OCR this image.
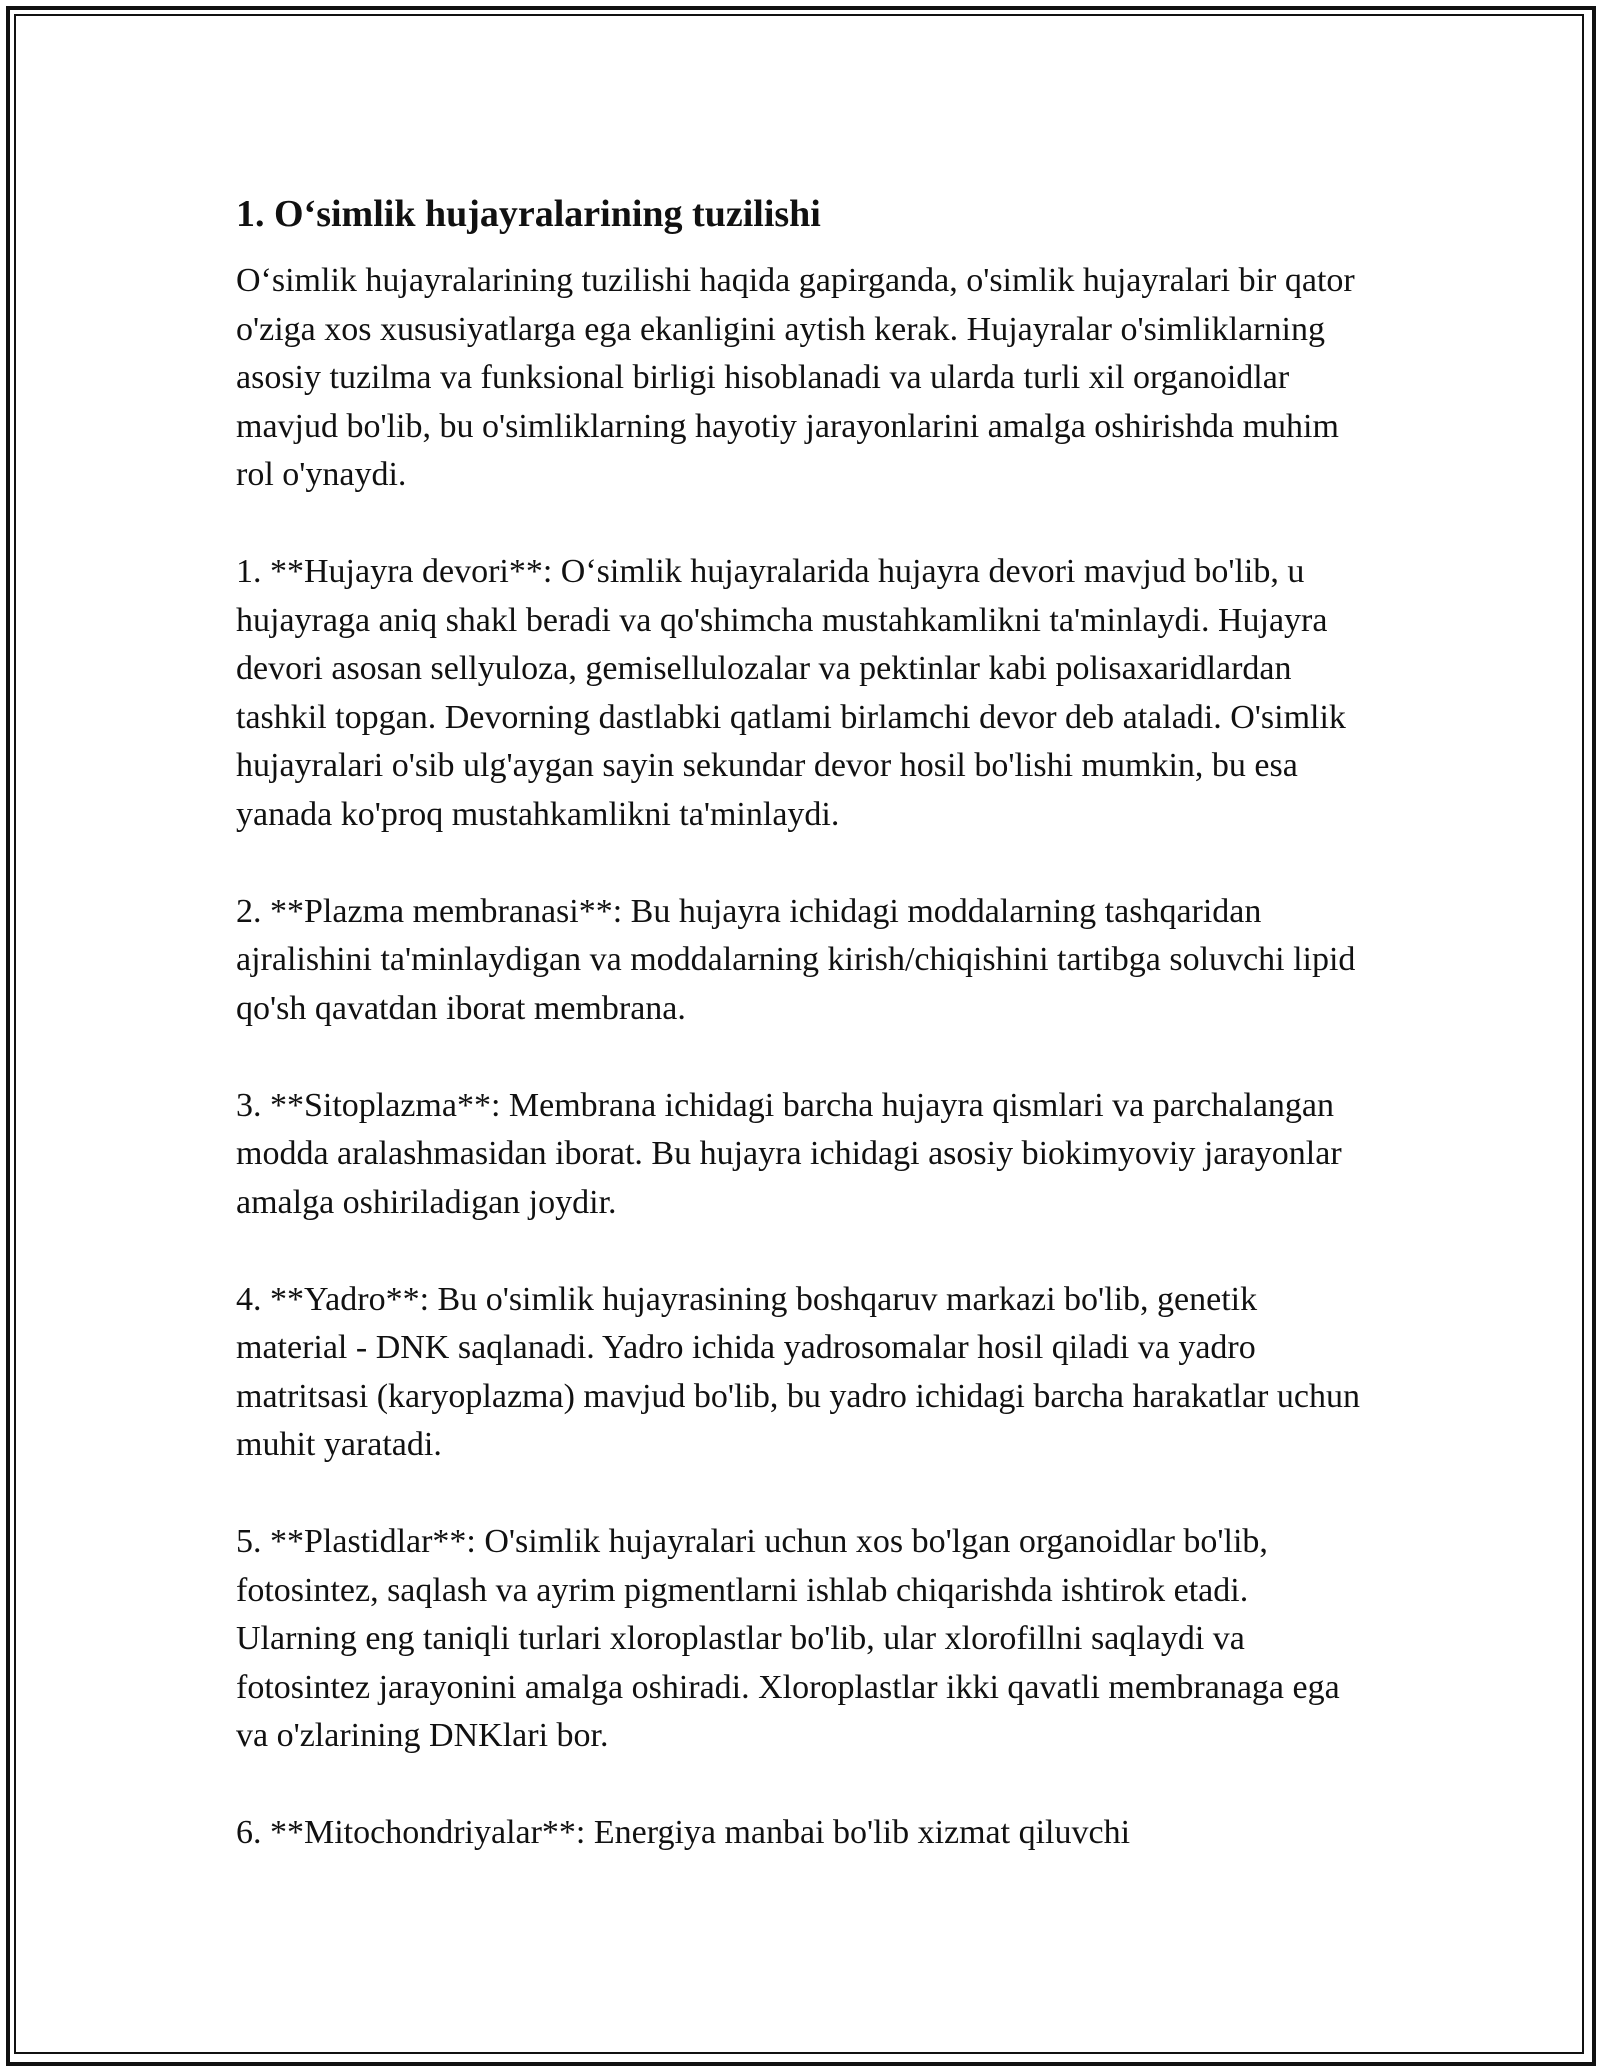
1. O‘simlik hujayralarining tuzilishi

O‘simlik hujayralarining tuzilishi haqida gapirganda, o'simlik hujayralari bir qator o'ziga xos xususiyatlarga ega ekanligini aytish kerak. Hujayralar o'simliklarning asosiy tuzilma va funksional birligi hisoblanadi va ularda turli xil organoidlar mavjud bo'lib, bu o'simliklarning hayotiy jarayonlarini amalga oshirishda muhim rol o'ynaydi.

1. **Hujayra devori**: O‘simlik hujayralarida hujayra devori mavjud bo'lib, u hujayraga aniq shakl beradi va qo'shimcha mustahkamlikni ta'minlaydi. Hujayra devori asosan sellyuloza, gemisellulozalar va pektinlar kabi polisaxaridlardan tashkil topgan. Devorning dastlabki qatlami birlamchi devor deb ataladi. O'simlik hujayralari o'sib ulg'aygan sayin sekundar devor hosil bo'lishi mumkin, bu esa yanada ko'proq mustahkamlikni ta'minlaydi.

2. **Plazma membranasi**: Bu hujayra ichidagi moddalarning tashqaridan ajralishini ta'minlaydigan va moddalarning kirish/chiqishini tartibga soluvchi lipid qo'sh qavatdan iborat membrana.

3. **Sitoplazma**: Membrana ichidagi barcha hujayra qismlari va parchalangan modda aralashmasidan iborat. Bu hujayra ichidagi asosiy biokimyoviy jarayonlar amalga oshiriladigan joydir.

4. **Yadro**: Bu o'simlik hujayrasining boshqaruv markazi bo'lib, genetik material - DNK saqlanadi. Yadro ichida yadrosomalar hosil qiladi va yadro matritsasi (karyoplazma) mavjud bo'lib, bu yadro ichidagi barcha harakatlar uchun muhit yaratadi.

5. **Plastidlar**: O'simlik hujayralari uchun xos bo'lgan organoidlar bo'lib, fotosintez, saqlash va ayrim pigmentlarni ishlab chiqarishda ishtirok etadi. Ularning eng taniqli turlari xloroplastlar bo'lib, ular xlorofillni saqlaydi va fotosintez jarayonini amalga oshiradi. Xloroplastlar ikki qavatli membranaga ega va o'zlarining DNKlari bor.

6. **Mitochondriyalar**: Energiya manbai bo'lib xizmat qiluvchi
